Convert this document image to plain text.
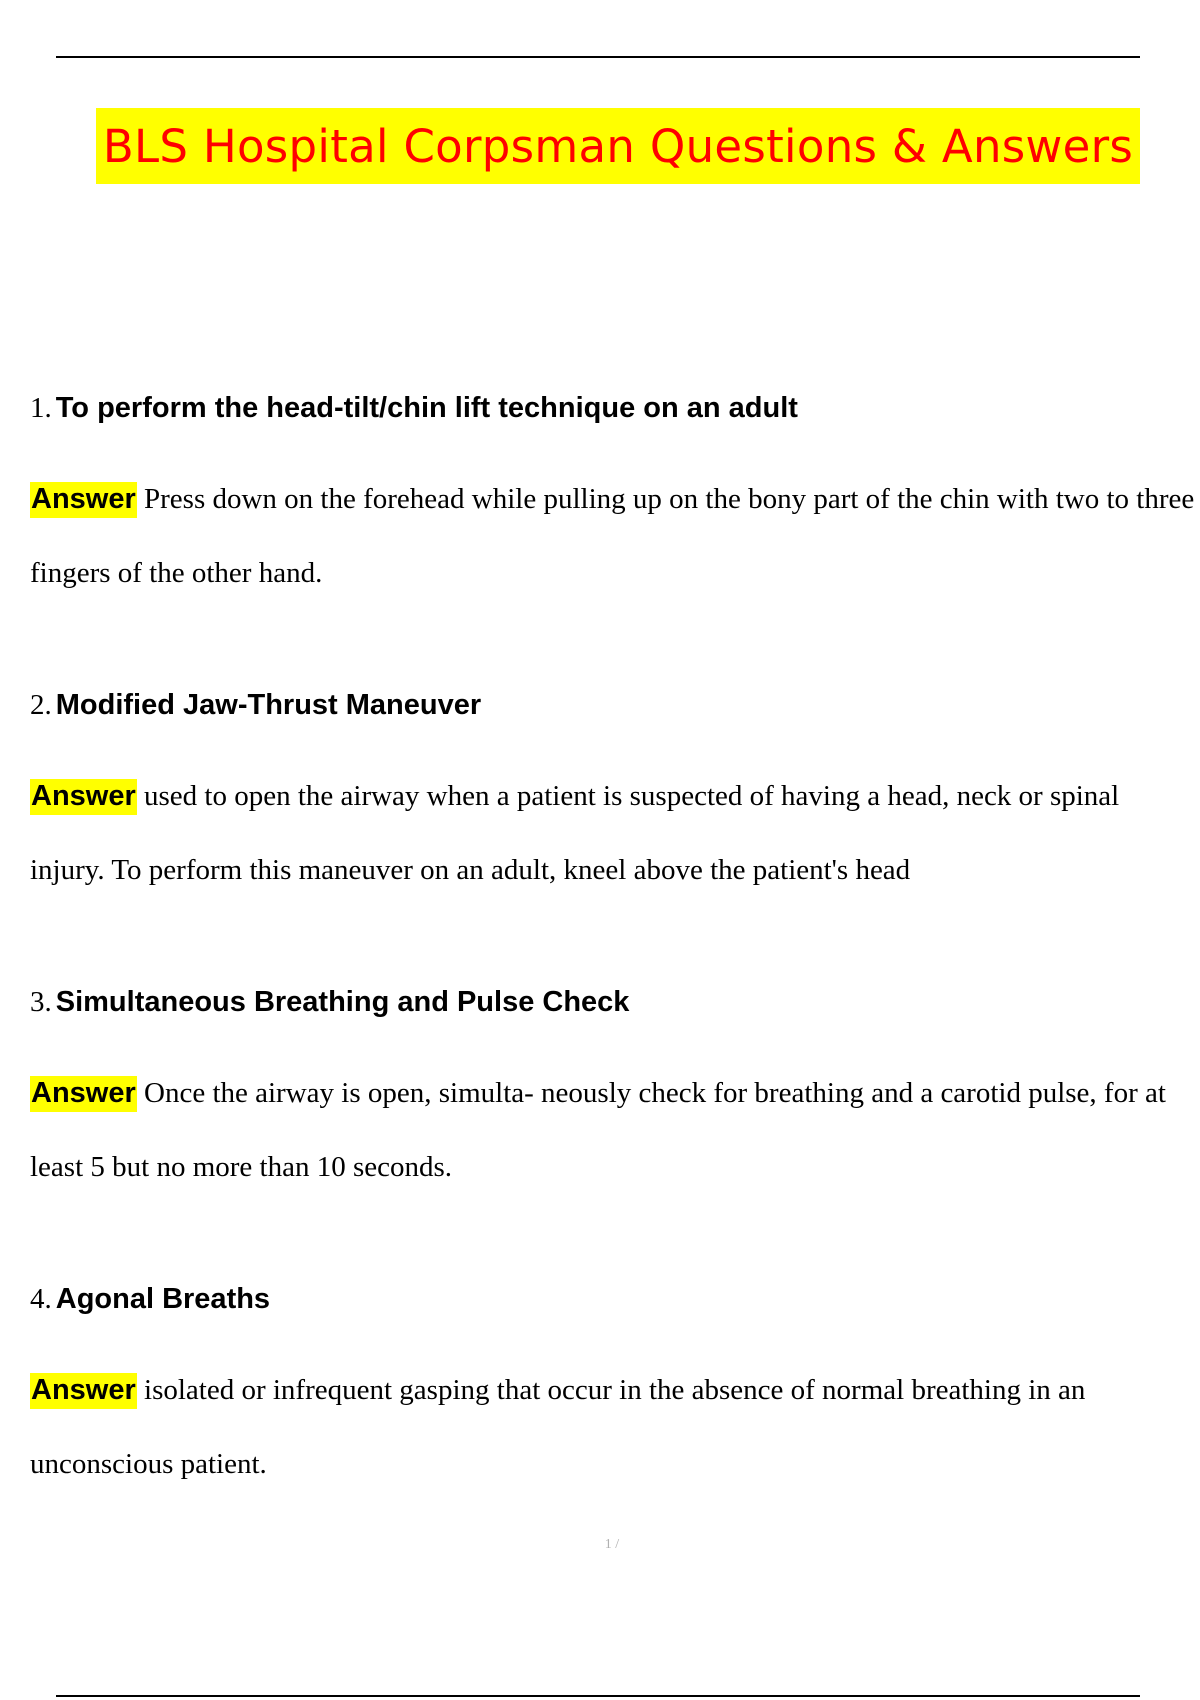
BLS Hospital Corpsman Questions & Answers
1. To perform the head-tilt/chin lift technique on an adult
Answer Press down on the forehead while pulling up on the bony part of the chin with two to three fingers of the other hand.
2. Modified Jaw-Thrust Maneuver
Answer used to open the airway when a patient is suspected of having a head, neck or spinal injury. To perform this maneuver on an adult, kneel above the patient's head
3. Simultaneous Breathing and Pulse Check
Answer Once the airway is open, simulta- neously check for breathing and a carotid pulse, for at least 5 but no more than 10 seconds.
4. Agonal Breaths
Answer isolated or infrequent gasping that occur in the absence of normal breathing in an unconscious patient.
1 /
